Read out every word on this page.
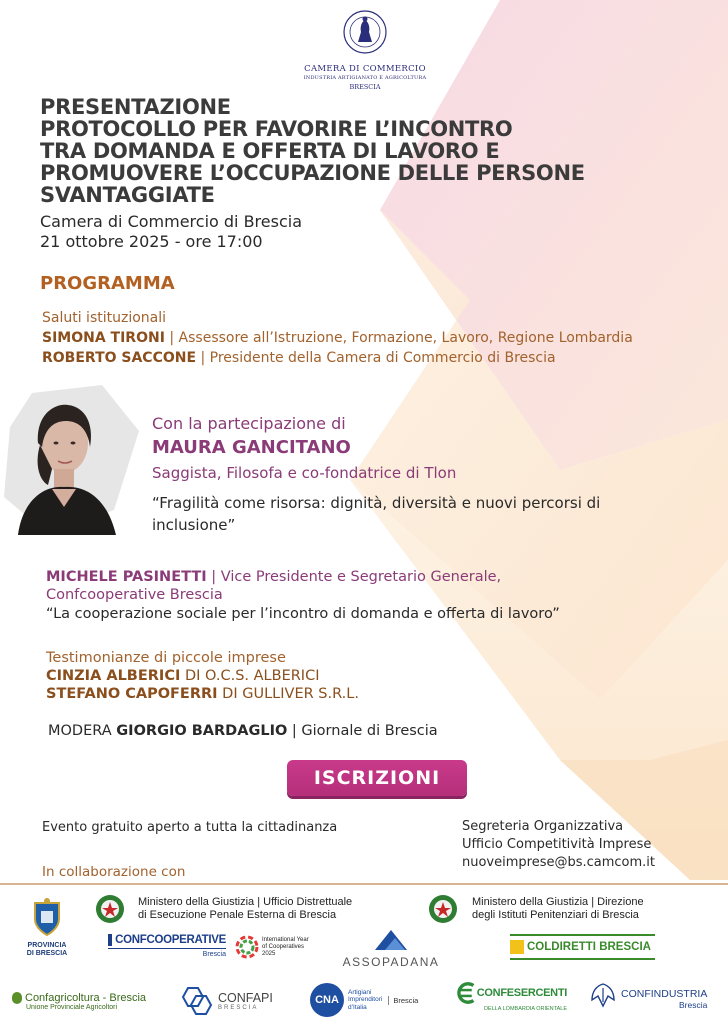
CAMERA DI COMMERCIO
INDUSTRIA ARTIGIANATO E AGRICOLTURA
BRESCIA
PRESENTAZIONE
PROTOCOLLO PER FAVORIRE L’INCONTRO
TRA DOMANDA E OFFERTA DI LAVORO E
PROMUOVERE L’OCCUPAZIONE DELLE PERSONE
SVANTAGGIATE
Camera di Commercio di Brescia
21 ottobre 2025 - ore 17:00
PROGRAMMA
Saluti istituzionali
SIMONA TIRONI | Assessore all’Istruzione, Formazione, Lavoro, Regione Lombardia
ROBERTO SACCONE | Presidente della Camera di Commercio di Brescia
Con la partecipazione di
MAURA GANCITANO
Saggista, Filosofa e co-fondatrice di Tlon
“Fragilità come risorsa: dignità, diversità e nuovi percorsi di inclusione”
MICHELE PASINETTI | Vice Presidente e Segretario Generale,
Confcooperative Brescia
“La cooperazione sociale per l’incontro di domanda e offerta di lavoro”
Testimonianze di piccole imprese
CINZIA ALBERICI DI O.C.S. ALBERICI
STEFANO CAPOFERRI DI GULLIVER S.R.L.
MODERA GIORGIO BARDAGLIO | Giornale di Brescia
ISCRIZIONI
Evento gratuito aperto a tutta la cittadinanza	Segreteria Organizzativa
Ufficio Competitività Imprese
nuoveimprese@bs.camcom.it
In collaborazione con
PROVINCIA
DI BRESCIA
Ministero della Giustizia | Ufficio Distrettuale
di Esecuzione Penale Esterna di Brescia
Ministero della Giustizia | Direzione
degli Istituti Penitenziari di Brescia
CONFCOOPERATIVE
Brescia
International Year
of Cooperatives
2025
ASSOPADANA
COLDIRETTI BRESCIA
Confagricoltura - Brescia
Unione Provinciale Agricoltori
CONFAPI
BRESCIA
CNA
Artigiani
Imprenditori
d’Italia
Brescia
CONFESERCENTI
DELLA LOMBARDIA ORIENTALE
CONFINDUSTRIA
Brescia
